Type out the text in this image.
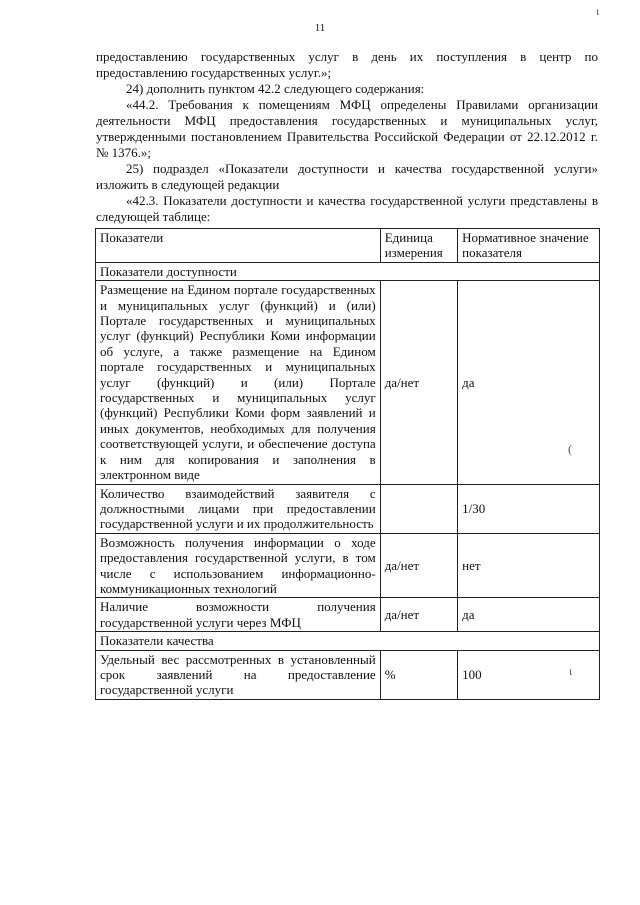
11
ι
(
ι

предоставлению государственных услуг в день их поступления в центр по предоставлению государственных услуг.»;

24) дополнить пунктом 42.2 следующего содержания:

«44.2. Требования к помещениям МФЦ определены Правилами организации деятельности МФЦ предоставления государственных и муниципальных услуг, утвержденными постановлением Правительства Российской Федерации от 22.12.2012 г. № 1376.»;

25) подраздел «Показатели доступности и качества государственной услуги» изложить в следующей редакции

«42.3. Показатели доступности и качества государственной услуги представлены в следующей таблице:

Показатели	Единица измерения	Нормативное значение показателя
Показатели доступности		
Размещение на Едином портале государственных и муниципальных услуг (функций) и (или) Портале государственных и муниципальных услуг (функций) Республики Коми информации об услуге, а также размещение на Едином портале государственных и муниципальных услуг (функций) и (или) Портале государственных и муниципальных услуг (функций) Республики Коми форм заявлений и иных документов, необходимых для получения соответствующей услуги, и обеспечение доступа к ним для копирования и заполнения в электронном виде	да/нет	да
Количество взаимодействий заявителя с должностными лицами при предоставлении государственной услуги и их продолжительность		1/30
Возможность получения информации о ходе предоставления государственной услуги, в том числе с использованием информационно-коммуникационных технологий	да/нет	нет
Наличие возможности получения государственной услуги через МФЦ	да/нет	да
Показатели качества		
Удельный вес рассмотренных в установленный срок заявлений на предоставление государственной услуги	%	100
